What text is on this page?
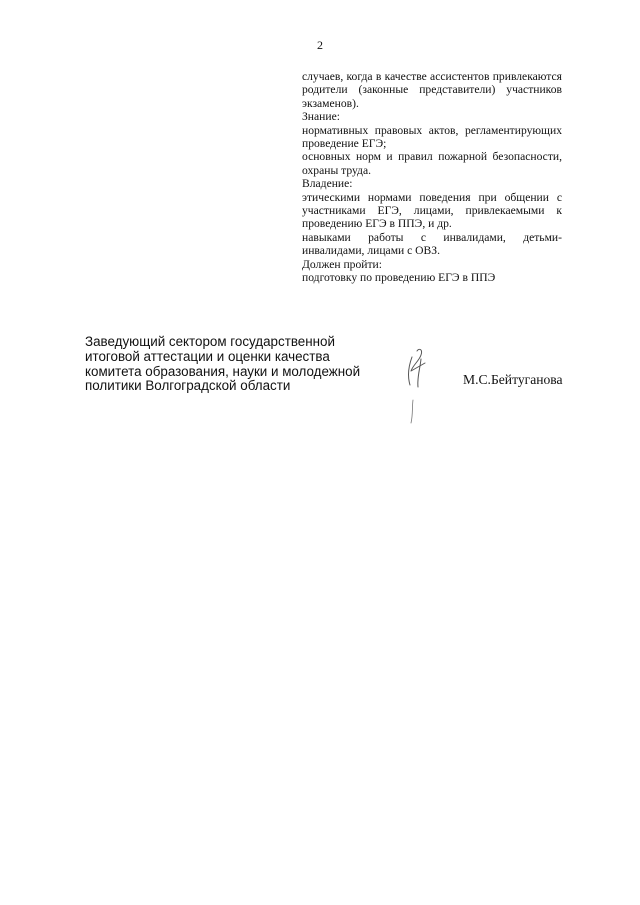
2

случаев, когда в качестве ассистентов привлекаются родители (законные представители) участников экзаменов).

Знание:

нормативных правовых актов, регламентирующих проведение ЕГЭ;

основных норм и правил пожарной безопасности, охраны труда.

Владение:

этическими нормами поведения при общении с участниками ЕГЭ, лицами, привлекаемыми к проведению ЕГЭ в ППЭ, и др.

навыками работы с инвалидами, детьми-инвалидами, лицами с ОВЗ.

Должен пройти:

подготовку по проведению ЕГЭ в ППЭ

Заведующий сектором государственной
итоговой аттестации и оценки качества
комитета образования, науки и молодежной
политики Волгоградской области	М.С.Бейтуганова
